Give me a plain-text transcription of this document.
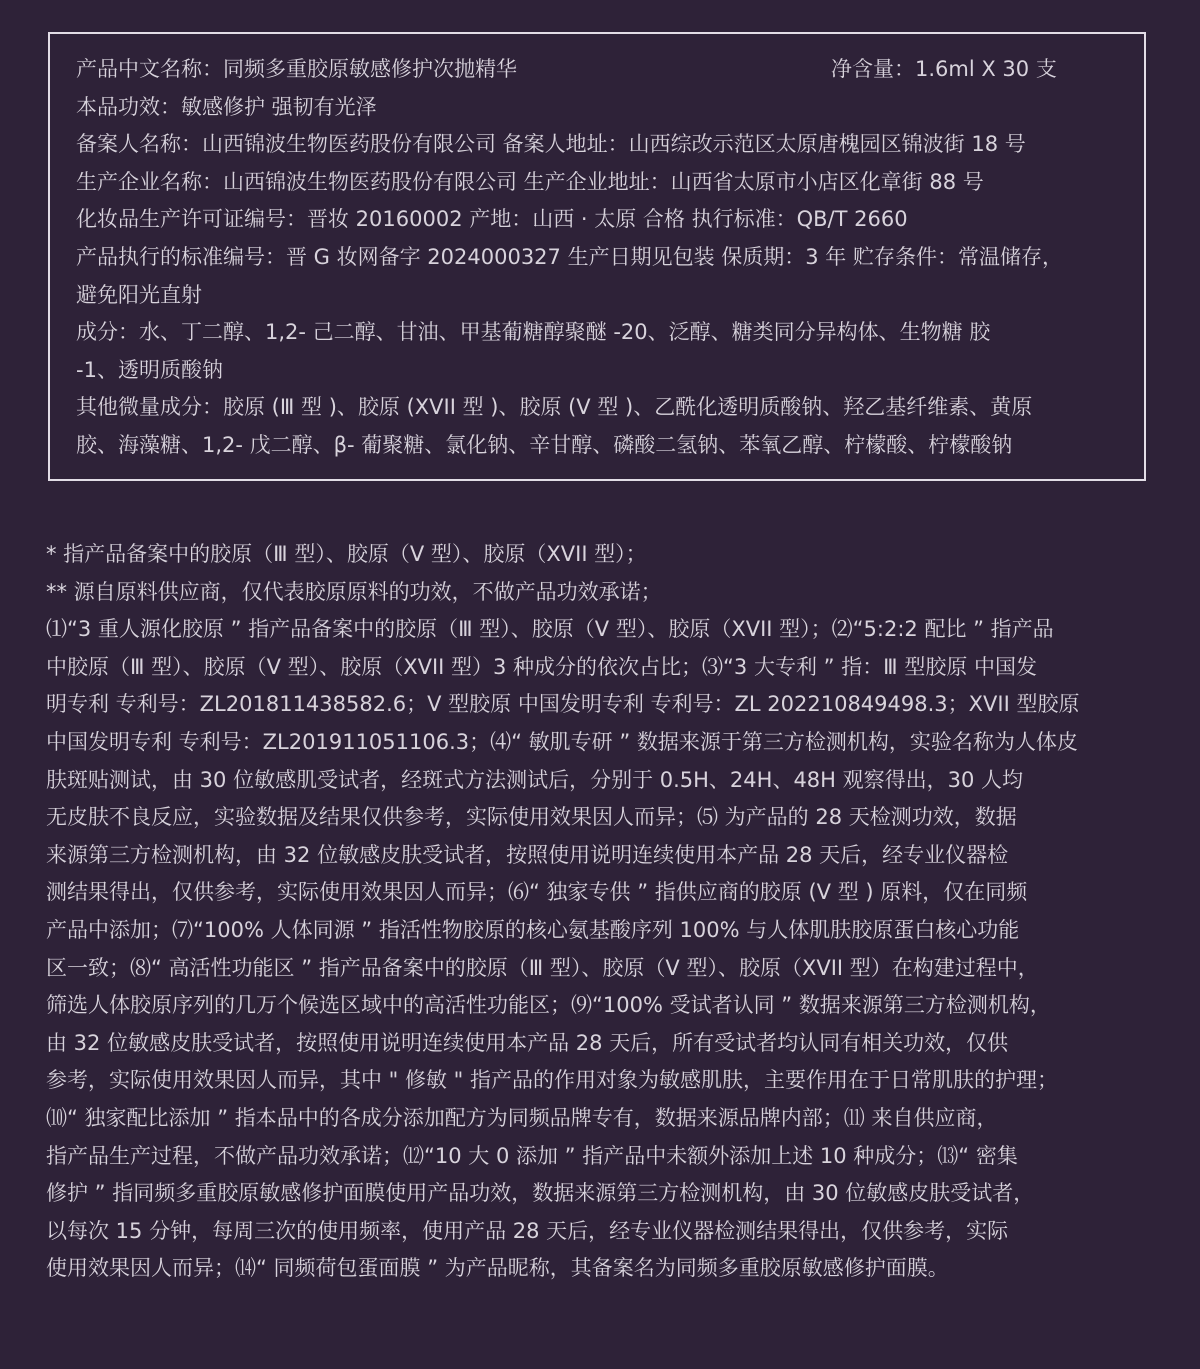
产品中文名称：同频多重胶原敏感修护次抛精华	净含量：1.6ml X 30 支
本品功效：敏感修护 强韧有光泽
备案人名称：山西锦波生物医药股份有限公司 备案人地址：山西综改示范区太原唐槐园区锦波街 18 号
生产企业名称：山西锦波生物医药股份有限公司 生产企业地址：山西省太原市小店区化章街 88 号
化妆品生产许可证编号：晋妆 20160002 产地：山西 · 太原 合格 执行标准：QB/T 2660
产品执行的标准编号：晋 G 妆网备字 2024000327 生产日期见包装 保质期：3 年 贮存条件：常温储存，
避免阳光直射
成分：水、丁二醇、1,2- 己二醇、甘油、甲基葡糖醇聚醚 -20、泛醇、糖类同分异构体、生物糖 胶
-1、透明质酸钠
其他微量成分：胶原 (Ⅲ 型 )、胶原 (XVII 型 )、胶原 (V 型 )、乙酰化透明质酸钠、羟乙基纤维素、黄原
胶、海藻糖、1,2- 戊二醇、β- 葡聚糖、氯化钠、辛甘醇、磷酸二氢钠、苯氧乙醇、柠檬酸、柠檬酸钠
* 指产品备案中的胶原（Ⅲ 型）、胶原（V 型）、胶原（XVII 型）；
** 源自原料供应商，仅代表胶原原料的功效，不做产品功效承诺；
⑴“3 重人源化胶原 ” 指产品备案中的胶原（Ⅲ 型）、胶原（V 型）、胶原（XVII 型）；⑵“5:2:2 配比 ” 指产品
中胶原（Ⅲ 型）、胶原（V 型）、胶原（XVII 型）3 种成分的依次占比；⑶“3 大专利 ” 指：Ⅲ 型胶原 中国发
明专利 专利号：ZL201811438582.6；V 型胶原 中国发明专利 专利号：ZL 202210849498.3；XVII 型胶原
中国发明专利 专利号：ZL201911051106.3；⑷“ 敏肌专研 ” 数据来源于第三方检测机构，实验名称为人体皮
肤斑贴测试，由 30 位敏感肌受试者，经斑式方法测试后，分别于 0.5H、24H、48H 观察得出，30 人均
无皮肤不良反应，实验数据及结果仅供参考，实际使用效果因人而异；⑸ 为产品的 28 天检测功效，数据
来源第三方检测机构，由 32 位敏感皮肤受试者，按照使用说明连续使用本产品 28 天后，经专业仪器检
测结果得出，仅供参考，实际使用效果因人而异；⑹“ 独家专供 ” 指供应商的胶原 (V 型 ) 原料，仅在同频
产品中添加；⑺“100% 人体同源 ” 指活性物胶原的核心氨基酸序列 100% 与人体肌肤胶原蛋白核心功能
区一致；⑻“ 高活性功能区 ” 指产品备案中的胶原（Ⅲ 型）、胶原（V 型）、胶原（XVII 型）在构建过程中，
筛选人体胶原序列的几万个候选区域中的高活性功能区；⑼“100% 受试者认同 ” 数据来源第三方检测机构，
由 32 位敏感皮肤受试者，按照使用说明连续使用本产品 28 天后，所有受试者均认同有相关功效，仅供
参考，实际使用效果因人而异，其中 " 修敏 " 指产品的作用对象为敏感肌肤，主要作用在于日常肌肤的护理；
⑽“ 独家配比添加 ” 指本品中的各成分添加配方为同频品牌专有，数据来源品牌内部；⑾ 来自供应商，
指产品生产过程，不做产品功效承诺；⑿“10 大 0 添加 ” 指产品中未额外添加上述 10 种成分；⒀“ 密集
修护 ” 指同频多重胶原敏感修护面膜使用产品功效，数据来源第三方检测机构，由 30 位敏感皮肤受试者，
以每次 15 分钟，每周三次的使用频率，使用产品 28 天后，经专业仪器检测结果得出，仅供参考，实际
使用效果因人而异；⒁“ 同频荷包蛋面膜 ” 为产品昵称，其备案名为同频多重胶原敏感修护面膜。
